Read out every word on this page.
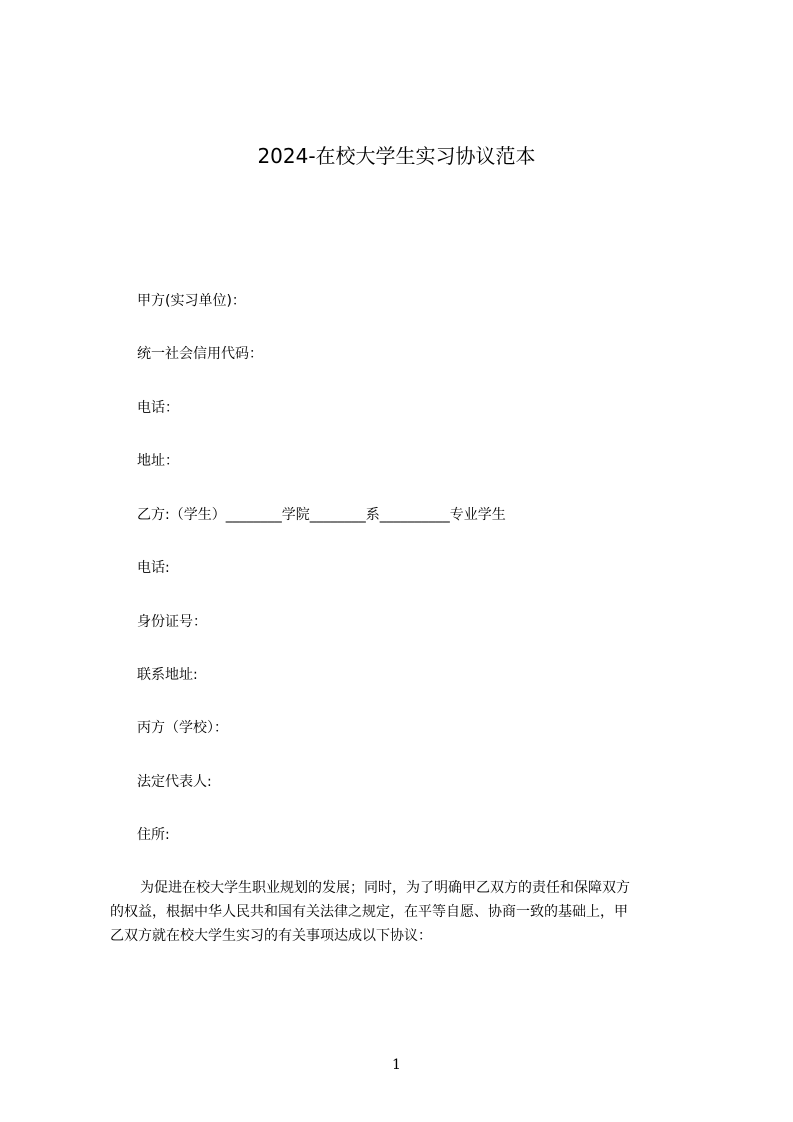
2024-在校大学生实习协议范本
甲方(实习单位)：
统一社会信用代码：
电话：
地址：
乙方:（学生）________学院________系__________专业学生
电话:
身份证号：
联系地址:
丙方（学校）：
法定代表人:
住所:
为促进在校大学生职业规划的发展；同时，为了明确甲乙双方的责任和保障双方
的权益，根据中华人民共和国有关法律之规定，在平等自愿、协商一致的基础上，甲
乙双方就在校大学生实习的有关事项达成以下协议：
1
